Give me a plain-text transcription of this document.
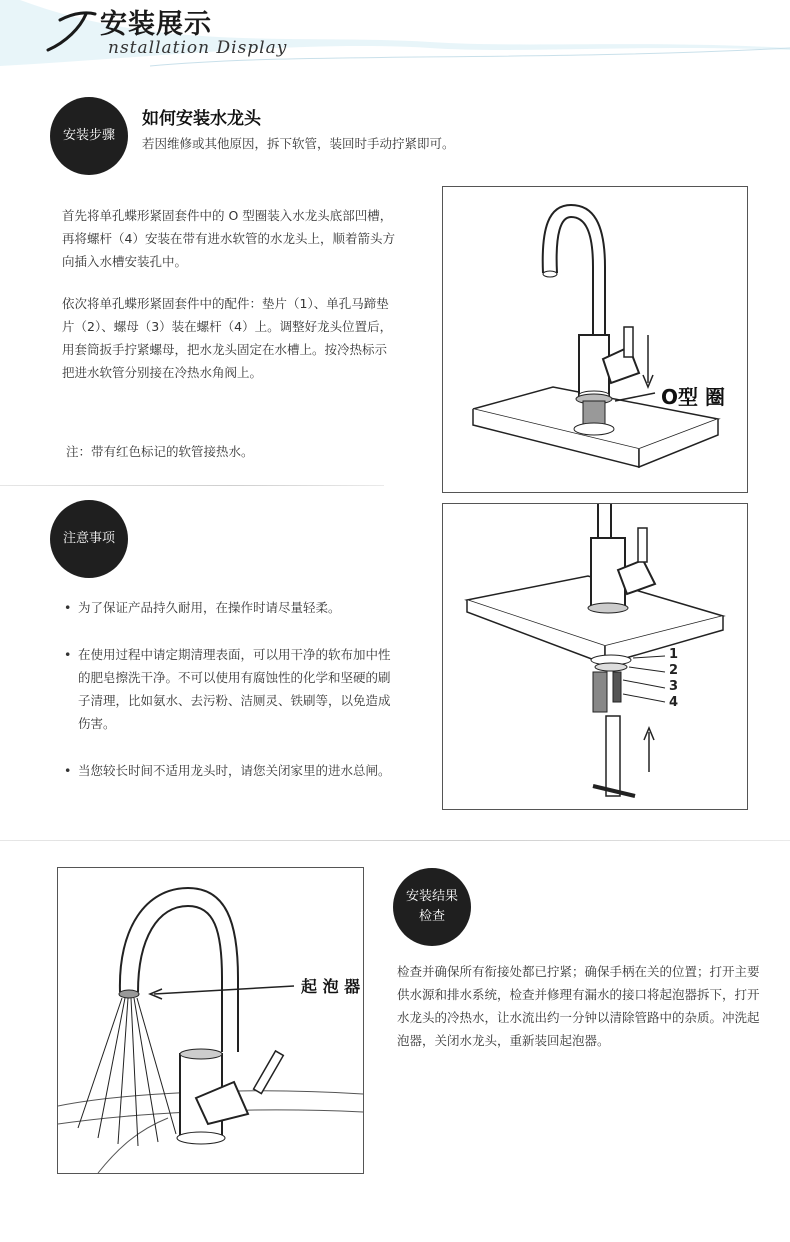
安装展示
nstallation Display
安装步骤
如何安装水龙头
若因维修或其他原因，拆下软管，装回时手动拧紧即可。
首先将单孔蝶形紧固套件中的 O 型圈装入水龙头底部凹槽，再将螺杆（4）安装在带有进水软管的水龙头上，顺着箭头方向插入水槽安装孔中。
依次将单孔蝶形紧固套件中的配件：垫片（1）、单孔马蹄垫片（2）、螺母（3）装在螺杆（4）上。调整好龙头位置后， 用套筒扳手拧紧螺母，把水龙头固定在水槽上。按冷热标示把进水软管分别接在冷热水角阀上。
注：带有红色标记的软管接热水。
O型 圈
注意事项
• 为了保证产品持久耐用，在操作时请尽量轻柔。
• 在使用过程中请定期清理表面，可以用干净的软布加中性的肥皂擦洗干净。不可以使用有腐蚀性的化学和坚硬的刷子清理，比如氨水、去污粉、洁厕灵、铁刷等，以免造成伤害。
• 当您较长时间不适用龙头时，请您关闭家里的进水总闸。
1
2
3
4
起 泡 器
安装结果
检查
检查并确保所有衔接处都已拧紧；确保手柄在关的位置；打开主要供水源和排水系统，检查并修理有漏水的接口将起泡器拆下，打开水龙头的冷热水，让水流出约一分钟以清除管路中的杂质。冲洗起泡器，关闭水龙头，重新装回起泡器。
